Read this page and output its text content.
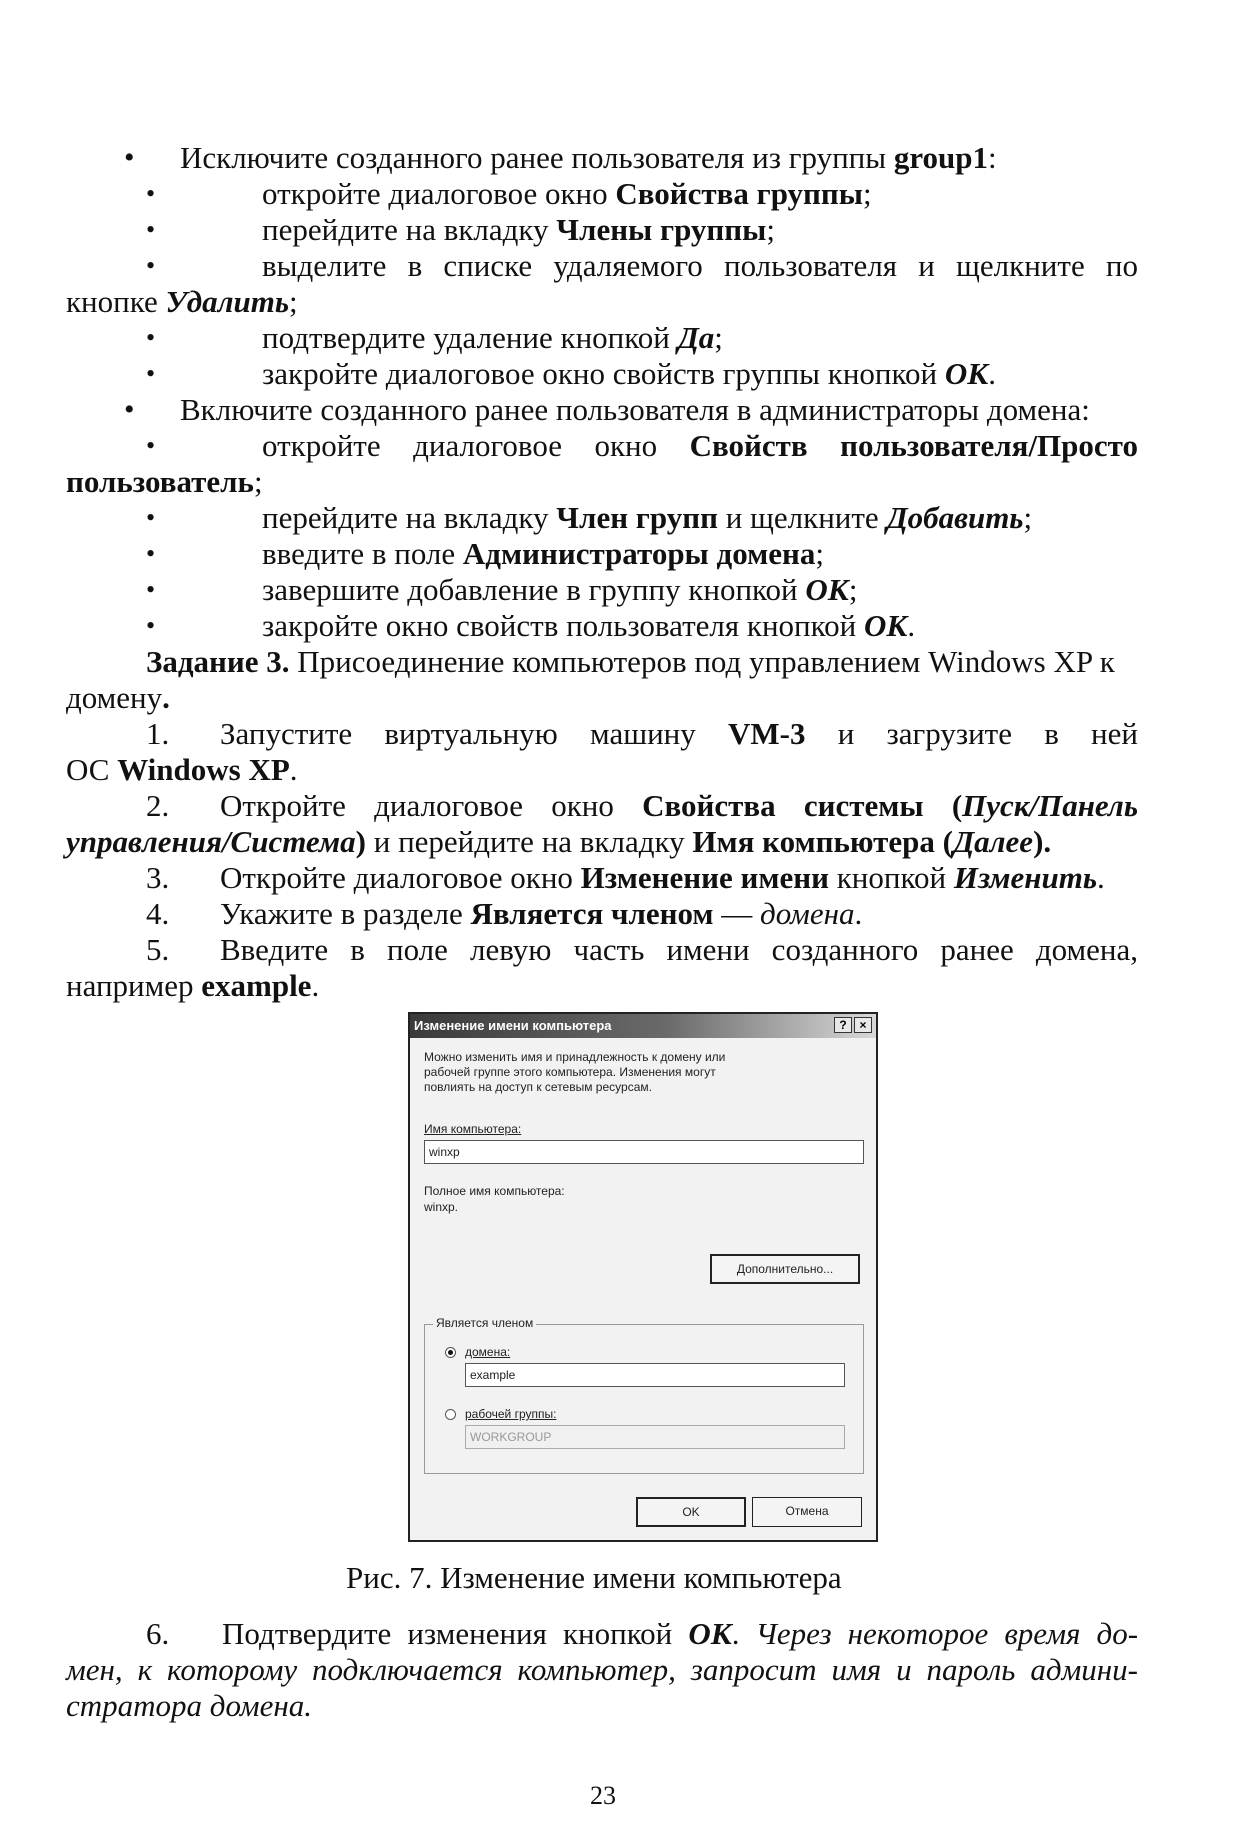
• Исключите созданного ранее пользователя из группы group1:
• откройте диалоговое окно Свойства группы;
• перейдите на вкладку Члены группы;
• выделите в списке удаляемого пользователя и щелкните по
кнопке Удалить;
• подтвердите удаление кнопкой Да;
• закройте диалоговое окно свойств группы кнопкой ОК.
• Включите созданного ранее пользователя в администраторы домена:
• откройте диалоговое окно Свойств пользователя/Просто
пользователь;
• перейдите на вкладку Член групп и щелкните Добавить;
• введите в поле Администраторы домена;
• завершите добавление в группу кнопкой ОК;
• закройте окно свойств пользователя кнопкой ОК.
Задание 3. Присоединение компьютеров под управлением Windows XP к
домену.
1. Запустите виртуальную машину VM-3 и загрузите в ней
ОС Windows XP.
2. Откройте диалоговое окно Свойства системы (Пуск/Панель
управления/Система) и перейдите на вкладку Имя компьютера (Далее).
3. Откройте диалоговое окно Изменение имени кнопкой Изменить.
4. Укажите в разделе Является членом — домена.
5. Введите в поле левую часть имени созданного ранее домена,
например example.
Изменение имени компьютера	?	×
Можно изменить имя и принадлежность к домену или
рабочей группе этого компьютера. Изменения могут
повлиять на доступ к сетевым ресурсам.
Имя компьютера:
winxp
Полное имя компьютера:
winxp.
Дополнительно...
Является членом
домена:
example
рабочей группы:
WORKGROUP
OK	Отмена
Рис. 7. Изменение имени компьютера
6. Подтвердите изменения кнопкой ОК. Через некоторое время до-
мен, к которому подключается компьютер, запросит имя и пароль админи-
стратора домена.
23
